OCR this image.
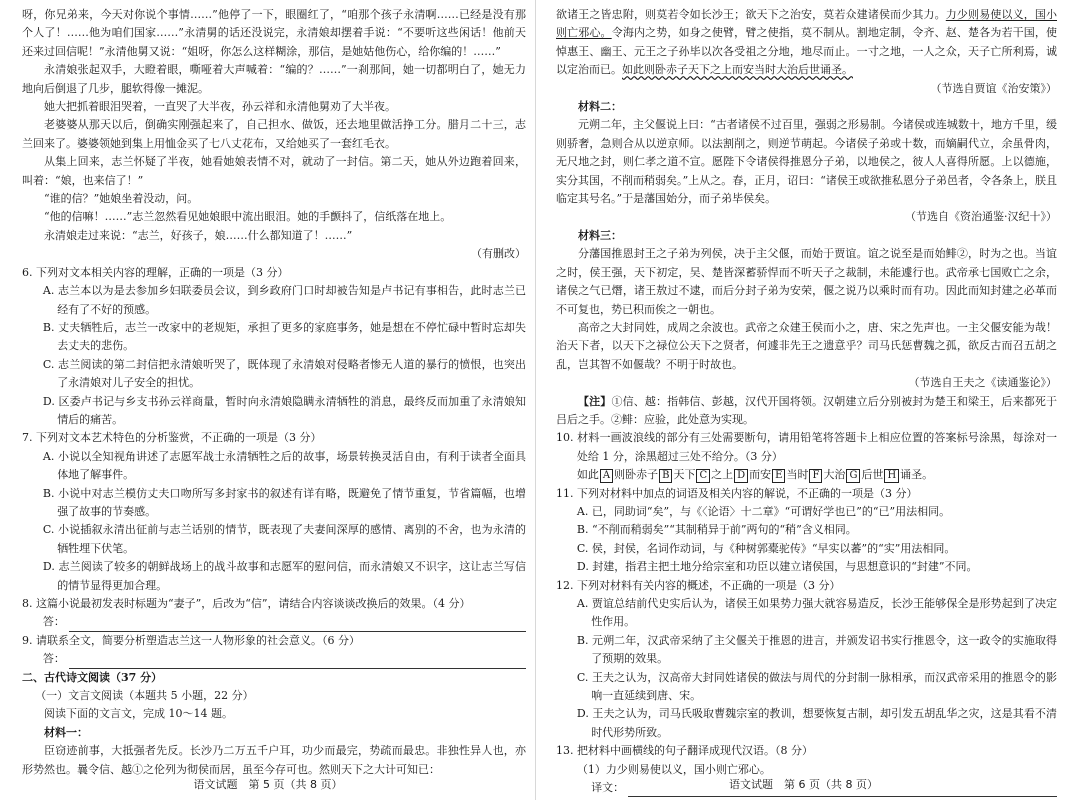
呀，你兄弟来，今天对你说个事情……”他停了一下，眼圈红了，“咱那个孩子永清啊……已经是没有那个人了！……他为咱们国家……”永清舅的话还没说完，永清娘却摆着手说：“不要听这些闲话！他前天还来过回信呢！”永清他舅又说：“姐呀，你怎么这样糊涂，那信，是她姑他伤心，给你编的！……”

永清娘张起双手，大瞪着眼，嘶哑着大声喊着：“编的？……”一刹那间，她一切都明白了，她无力地向后倒退了几步，腿软得像一摊泥。

她大把抓着眼泪哭着，一直哭了大半夜，孙云祥和永清他舅劝了大半夜。

老婆婆从那天以后，倒确实刚强起来了，自己担水、做饭，还去地里做活挣工分。腊月二十三，志兰回来了。婆婆领她到集上用恤金买了七八丈花布，又给她买了一套红毛衣。

从集上回来，志兰怀疑了半夜，她看她娘表情不对，就动了一封信。第二天，她从外边跑着回来，叫着：“娘，也来信了！”

“谁的信？”她娘坐着没动，问。

“他的信嘛！……”志兰忽然看见她娘眼中流出眼泪。她的手颤抖了，信纸落在地上。

永清娘走过来说：“志兰，好孩子，娘……什么都知道了！……”

（有删改）

6. 下列对文本相关内容的理解，正确的一项是（3 分）

A. 志兰本以为是去参加乡妇联委员会议，到乡政府门口时却被告知是卢书记有事相告，此时志兰已经有了不好的预感。

B. 丈夫牺牲后，志兰一改家中的老规矩，承担了更多的家庭事务，她是想在不停忙碌中暂时忘却失去丈夫的悲伤。

C. 志兰阅读的第二封信把永清娘听哭了，既体现了永清娘对侵略者惨无人道的暴行的愤恨，也突出了永清娘对儿子安全的担忧。

D. 区委卢书记与乡支书孙云祥商量，暂时向永清娘隐瞒永清牺牲的消息，最终反而加重了永清娘知情后的痛苦。

7. 下列对文本艺术特色的分析鉴赏，不正确的一项是（3 分）

A. 小说以全知视角讲述了志愿军战士永清牺牲之后的故事，场景转换灵活自由，有利于读者全面具体地了解事件。

B. 小说中对志兰模仿丈夫口吻所写多封家书的叙述有详有略，既避免了情节重复，节省篇幅，也增强了故事的节奏感。

C. 小说插叙永清出征前与志兰话别的情节，既表现了夫妻间深厚的感情、离别的不舍，也为永清的牺牲埋下伏笔。

D. 志兰阅读了较多的朝鲜战场上的战斗故事和志愿军的慰问信，而永清娘又不识字，这让志兰写信的情节显得更加合理。

8. 这篇小说最初发表时标题为“妻子”，后改为“信”，请结合内容谈谈改换后的效果。（4 分）

答：

9. 请联系全文，简要分析塑造志兰这一人物形象的社会意义。（6 分）

答：

二、古代诗文阅读（37 分）

（一）文言文阅读（本题共 5 小题，22 分）

阅读下面的文言文，完成 10～14 题。

材料一：

臣窃迹前事，大抵强者先反。长沙乃二万五千户耳，功少而最完，势疏而最忠。非独性异人也，亦形势然也。曩令信、越①之伦列为彻侯而居，虽至今存可也。然则天下之大计可知已：

语文试题　第 5 页（共 8 页）

欲诸王之皆忠附，则莫若令如长沙王；欲天下之治安，莫若众建诸侯而少其力。力少则易使以义，国小则亡邪心。令海内之势，如身之使臂，臂之使指，莫不制从。割地定制，令齐、赵、楚各为若干国，使悼惠王、幽王、元王之子孙毕以次各受祖之分地，地尽而止。一寸之地，一人之众，天子亡所利焉，诚以定治而已。如此则卧赤子天下之上而安当时大治后世诵圣。

（节选自贾谊《治安策》）

材料二：

元朔二年，主父偃说上曰：“古者诸侯不过百里，强弱之形易制。今诸侯或连城数十，地方千里，缓则骄奢，急则合从以逆京师。以法割削之，则逆节萌起。今诸侯子弟或十数，而嫡嗣代立，余虽骨肉，无尺地之封，则仁孝之道不宣。愿陛下令诸侯得推恩分子弟，以地侯之，彼人人喜得所愿。上以德施，实分其国，不削而稍弱矣。”上从之。春，正月，诏曰：“诸侯王或欲推私恩分子弟邑者，令各条上，朕且临定其号名。”于是藩国始分，而子弟毕侯矣。

（节选自《资治通鉴·汉纪十》）

材料三：

分藩国推恩封王之子弟为列侯，决于主父偃，而始于贾谊。谊之说至是而始鲱②，时为之也。当谊之时，侯王强，天下初定，吴、楚皆深蓄骄悍而不听天子之裁制，未能遽行也。武帝承七国败亡之余，诸侯之气已熸，诸王敖过不逮，而后分封子弟为安荣，偃之说乃以乘时而有功。因此而知封建之必革而不可复也，势已积而俟之一朝也。

高帝之大封同姓，成周之余波也。武帝之众建王侯而小之，唐、宋之先声也。一主父偃安能为哉！治天下者，以天下之禄位公天下之贤者，何遽非先王之遗意乎？司马氏惩曹魏之孤，欲反古而召五胡之乱，岂其智不如偃哉？不明于时故也。

（节选自王夫之《读通鉴论》）

【注】①信、越：指韩信、彭越，汉代开国将领。汉朝建立后分别被封为楚王和梁王，后来都死于吕后之手。②鲱：应验，此处意为实现。

10. 材料一画波浪线的部分有三处需要断句，请用铅笔将答题卡上相应位置的答案标号涂黑，每涂对一处给 1 分，涂黑超过三处不给分。（3 分）

如此 A 则卧赤子 B 天下 C 之上 D 而安 E 当时 F 大治 G 后世 H 诵圣。

11. 下列对材料中加点的词语及相关内容的解说，不正确的一项是（3 分）

A. 已，同助词“矣”，与《〈论语〉十二章》“可谓好学也已”的“已”用法相同。

B. “不削而稍弱矣”“其制稍异于前”两句的“稍”含义相同。

C. 侯，封侯，名词作动词，与《种树郭橐驼传》“早实以蕃”的“实”用法相同。

D. 封建，指君主把土地分给宗室和功臣以建立诸侯国，与思想意识的“封建”不同。

12. 下列对材料有关内容的概述，不正确的一项是（3 分）

A. 贾谊总结前代史实后认为，诸侯王如果势力强大就容易造反，长沙王能够保全是形势起到了决定性作用。

B. 元朔二年，汉武帝采纳了主父偃关于推恩的进言，并颁发诏书实行推恩令，这一政令的实施取得了预期的效果。

C. 王夫之认为，汉高帝大封同姓诸侯的做法与周代的分封制一脉相承，而汉武帝采用的推恩令的影响一直延续到唐、宋。

D. 王夫之认为，司马氏吸取曹魏宗室的教训，想要恢复古制，却引发五胡乱华之灾，这是其看不清时代形势所致。

13. 把材料中画横线的句子翻译成现代汉语。（8 分）

（1）力少则易使以义，国小则亡邪心。

译文：	语文试题　第 6 页（共 8 页）
